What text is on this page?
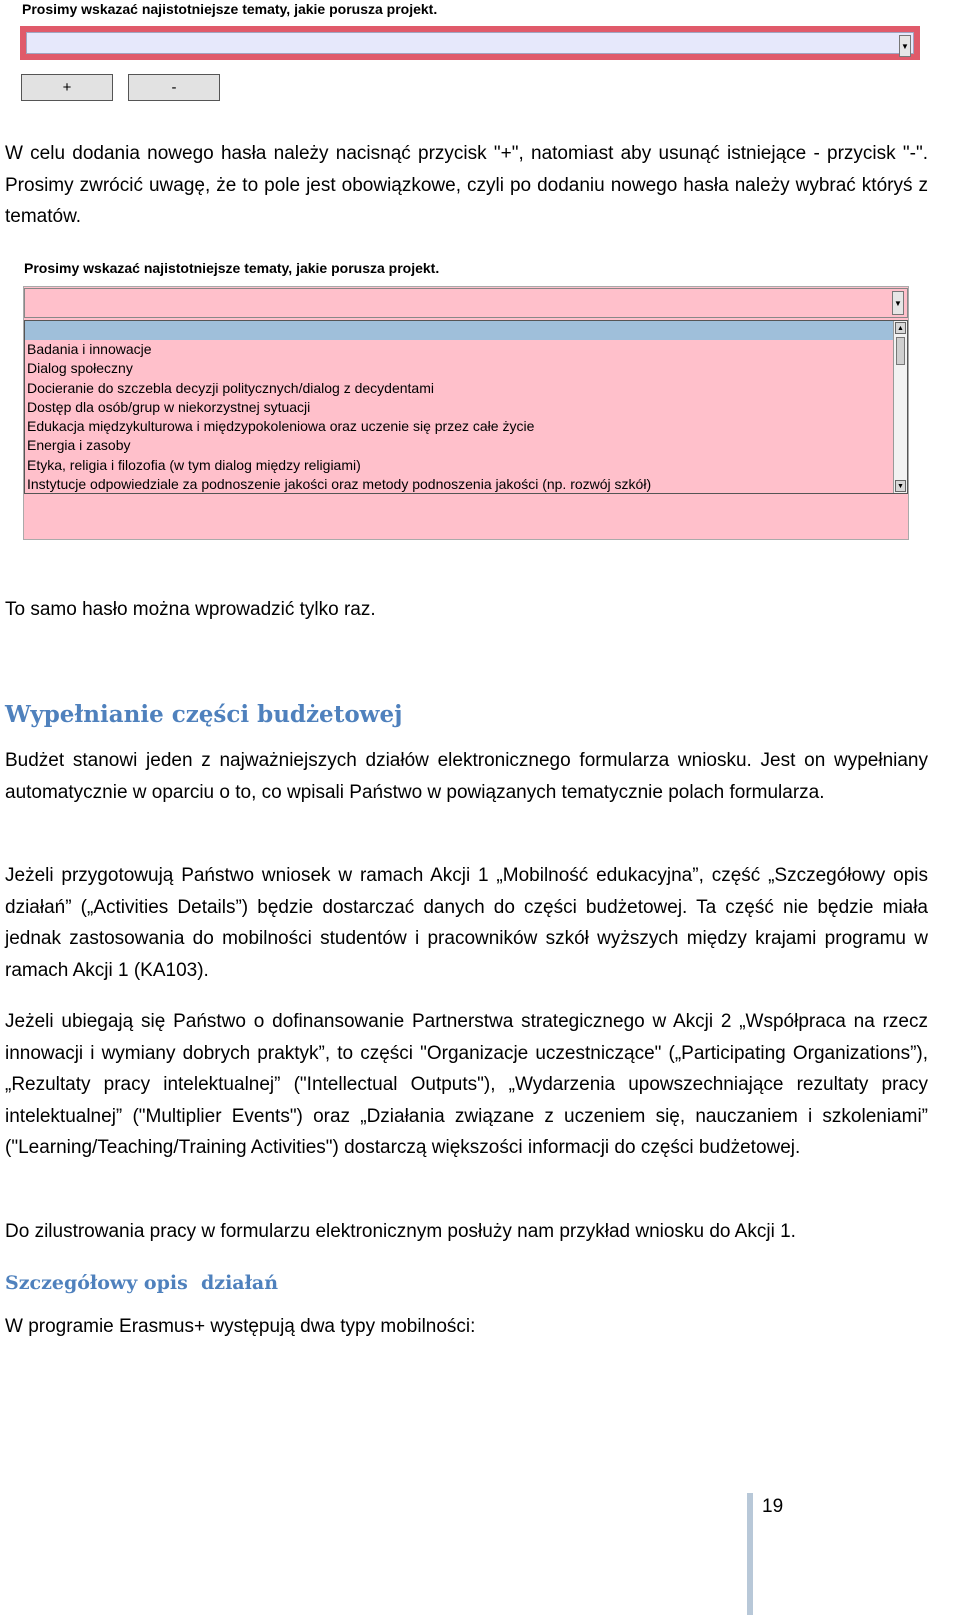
Prosimy wskazać najistotniejsze tematy, jakie porusza projekt.
▼
+	-

W celu dodania nowego hasła należy nacisnąć przycisk "+", natomiast aby usunąć istniejące - przycisk "-". Prosimy zwrócić uwagę, że to pole jest obowiązkowe, czyli po dodaniu nowego hasła należy wybrać któryś z tematów.

Prosimy wskazać najistotniejsze tematy, jakie porusza projekt.
▼
Badania i innowacje
Dialog społeczny
Docieranie do szczebla decyzji politycznych/dialog z decydentami
Dostęp dla osób/grup w niekorzystnej sytuacji
Edukacja międzykulturowa i międzypokoleniowa oraz uczenie się przez całe życie
Energia i zasoby
Etyka, religia i filozofia (w tym dialog między religiami)
Instytucje odpowiedziale za podnoszenie jakości oraz metody podnoszenia jakości (np. rozwój szkół)
▲
▼

To samo hasło można wprowadzić tylko raz.

Wypełnianie części budżetowej

Budżet stanowi jeden z najważniejszych działów elektronicznego formularza wniosku. Jest on wypełniany automatycznie w oparciu o to, co wpisali Państwo w powiązanych tematycznie polach formularza.

Jeżeli przygotowują Państwo wniosek w ramach Akcji 1 „Mobilność edukacyjna”, część „Szczegółowy opis działań” („Activities Details”) będzie dostarczać danych do części budżetowej. Ta część nie będzie miała jednak zastosowania do mobilności studentów i pracowników szkół wyższych między krajami programu w ramach Akcji 1 (KA103).

Jeżeli ubiegają się Państwo o dofinansowanie Partnerstwa strategicznego w Akcji 2 „Współpraca na rzecz innowacji i wymiany dobrych praktyk”, to części "Organizacje uczestniczące" („Participating Organizations”), „Rezultaty pracy intelektualnej” ("Intellectual Outputs"), „Wydarzenia upowszechniające rezultaty pracy intelektualnej” ("Multiplier Events") oraz „Działania związane z uczeniem się, nauczaniem i szkoleniami” ("Learning/Teaching/Training Activities") dostarczą większości informacji do części budżetowej.

Do zilustrowania pracy w formularzu elektronicznym posłuży nam przykład wniosku do Akcji 1.

Szczegółowy opis  działań

W programie Erasmus+ występują dwa typy mobilności:

19
